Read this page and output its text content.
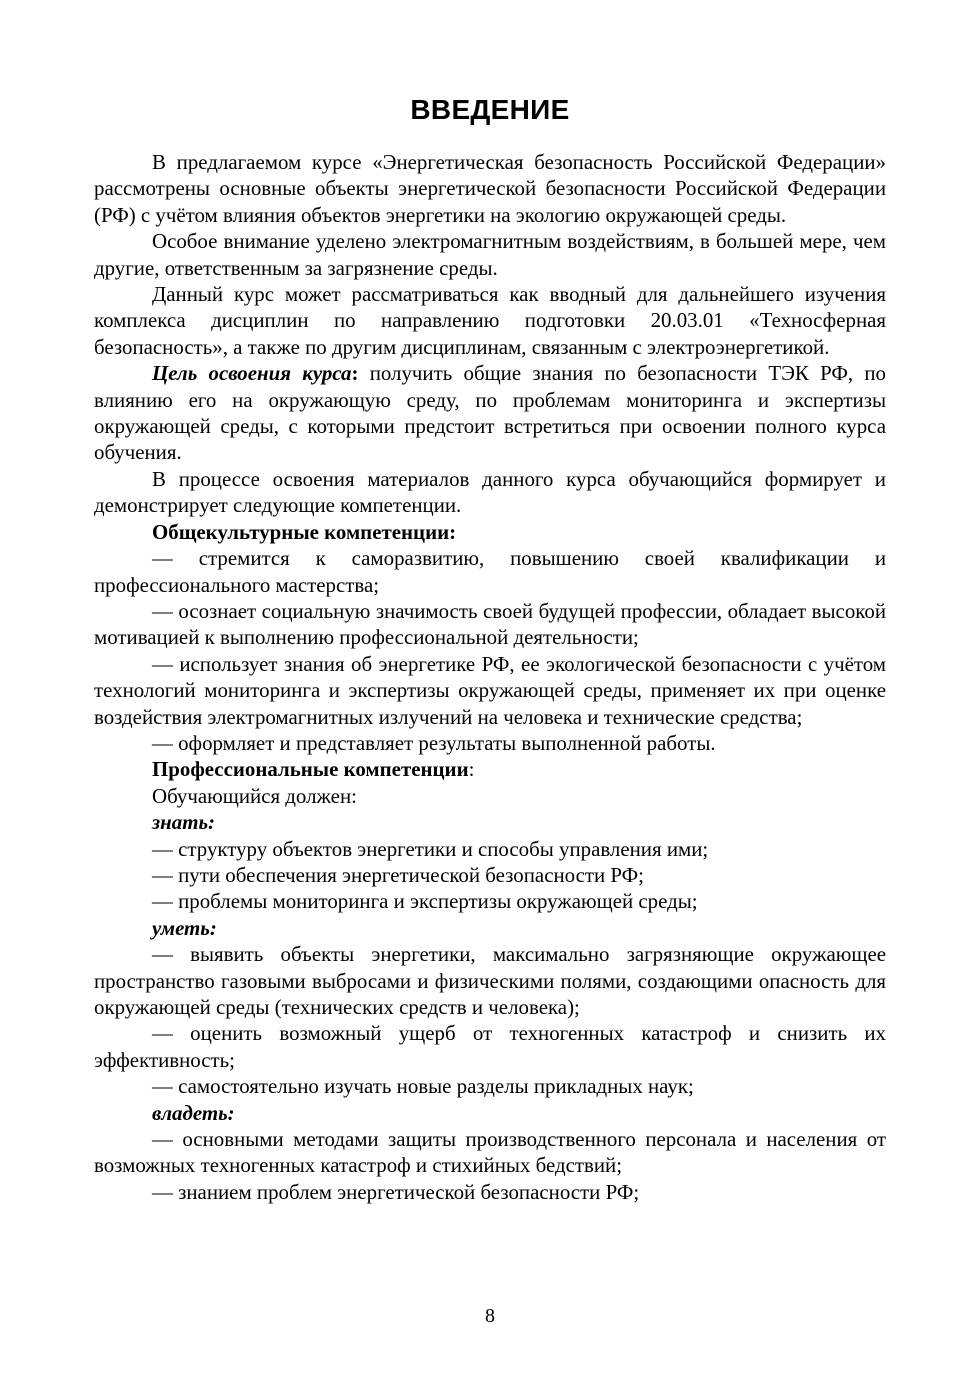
ВВЕДЕНИЕ

В предлагаемом курсе «Энергетическая безопасность Российской Федерации» рассмотрены основные объекты энергетической безопасности Российской Федерации (РФ) с учётом влияния объектов энергетики на экологию окружающей среды.

Особое внимание уделено электромагнитным воздействиям, в большей мере, чем другие, ответственным за загрязнение среды.

Данный курс может рассматриваться как вводный для дальнейшего изучения комплекса дисциплин по направлению подготовки 20.03.01 «Техносферная безопасность», а также по другим дисциплинам, связанным с электроэнергетикой.

Цель освоения курса: получить общие знания по безопасности ТЭК РФ, по влиянию его на окружающую среду, по проблемам мониторинга и экспертизы окружающей среды, с которыми предстоит встретиться при освоении полного курса обучения.

В процессе освоения материалов данного курса обучающийся формирует и демонстрирует следующие компетенции.

Общекультурные компетенции:

— стремится к саморазвитию, повышению своей квалификации и профессионального мастерства;

— осознает социальную значимость своей будущей профессии, обладает высокой мотивацией к выполнению профессиональной деятельности;

— использует знания об энергетике РФ, ее экологической безопасности с учётом технологий мониторинга и экспертизы окружающей среды, применяет их при оценке воздействия электромагнитных излучений на человека и технические средства;

— оформляет и представляет результаты выполненной работы.

Профессиональные компетенции:

Обучающийся должен:

знать:

— структуру объектов энергетики и способы управления ими;

— пути обеспечения энергетической безопасности РФ;

— проблемы мониторинга и экспертизы окружающей среды;

уметь:

— выявить объекты энергетики, максимально загрязняющие окружающее пространство газовыми выбросами и физическими полями, создающими опасность для окружающей среды (технических средств и человека);

— оценить возможный ущерб от техногенных катастроф и снизить их эффективность;

— самостоятельно изучать новые разделы прикладных наук;

владеть:

— основными методами защиты производственного персонала и населения от возможных техногенных катастроф и стихийных бедствий;

— знанием проблем энергетической безопасности РФ;

8
